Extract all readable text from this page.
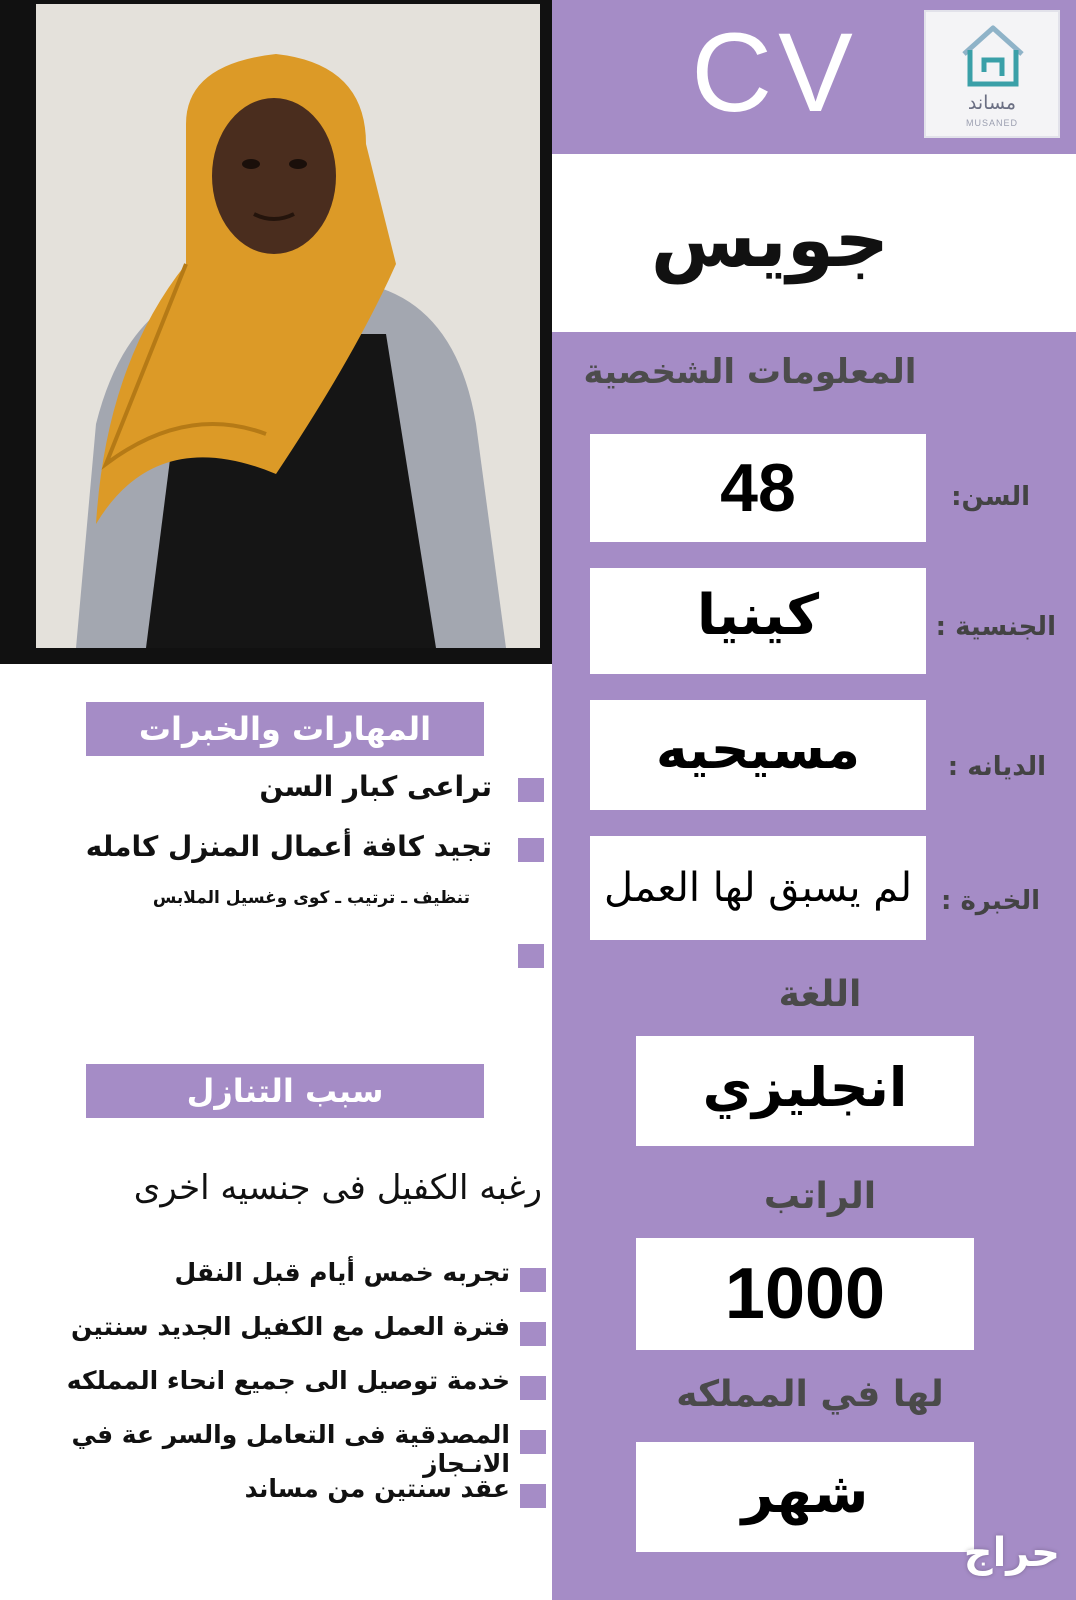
CV	مساند
MUSANED
جويس
المعلومات الشخصية
48	السن:
كينيا	الجنسية :
مسيحيه	الديانه :
لم يسبق لها العمل	الخبرة :
اللغة
انجليزي
الراتب
1000
لها في المملكه
شهر
حراج
المهارات والخبرات
تراعى كبار السن
تجيد كافة أعمال المنزل كامله
تنظيف ـ ترتيب ـ كوى وغسيل الملابس
سبب التنازل
رغبه الكفيل فى جنسيه اخرى
تجربه خمس أيام قبل النقل
فترة العمل مع الكفيل الجديد سنتين
خدمة توصيل الى جميع انحاء المملكه
المصدقية فى التعامل والسر عة في الانـجاز
عقد سنتين من مساند
